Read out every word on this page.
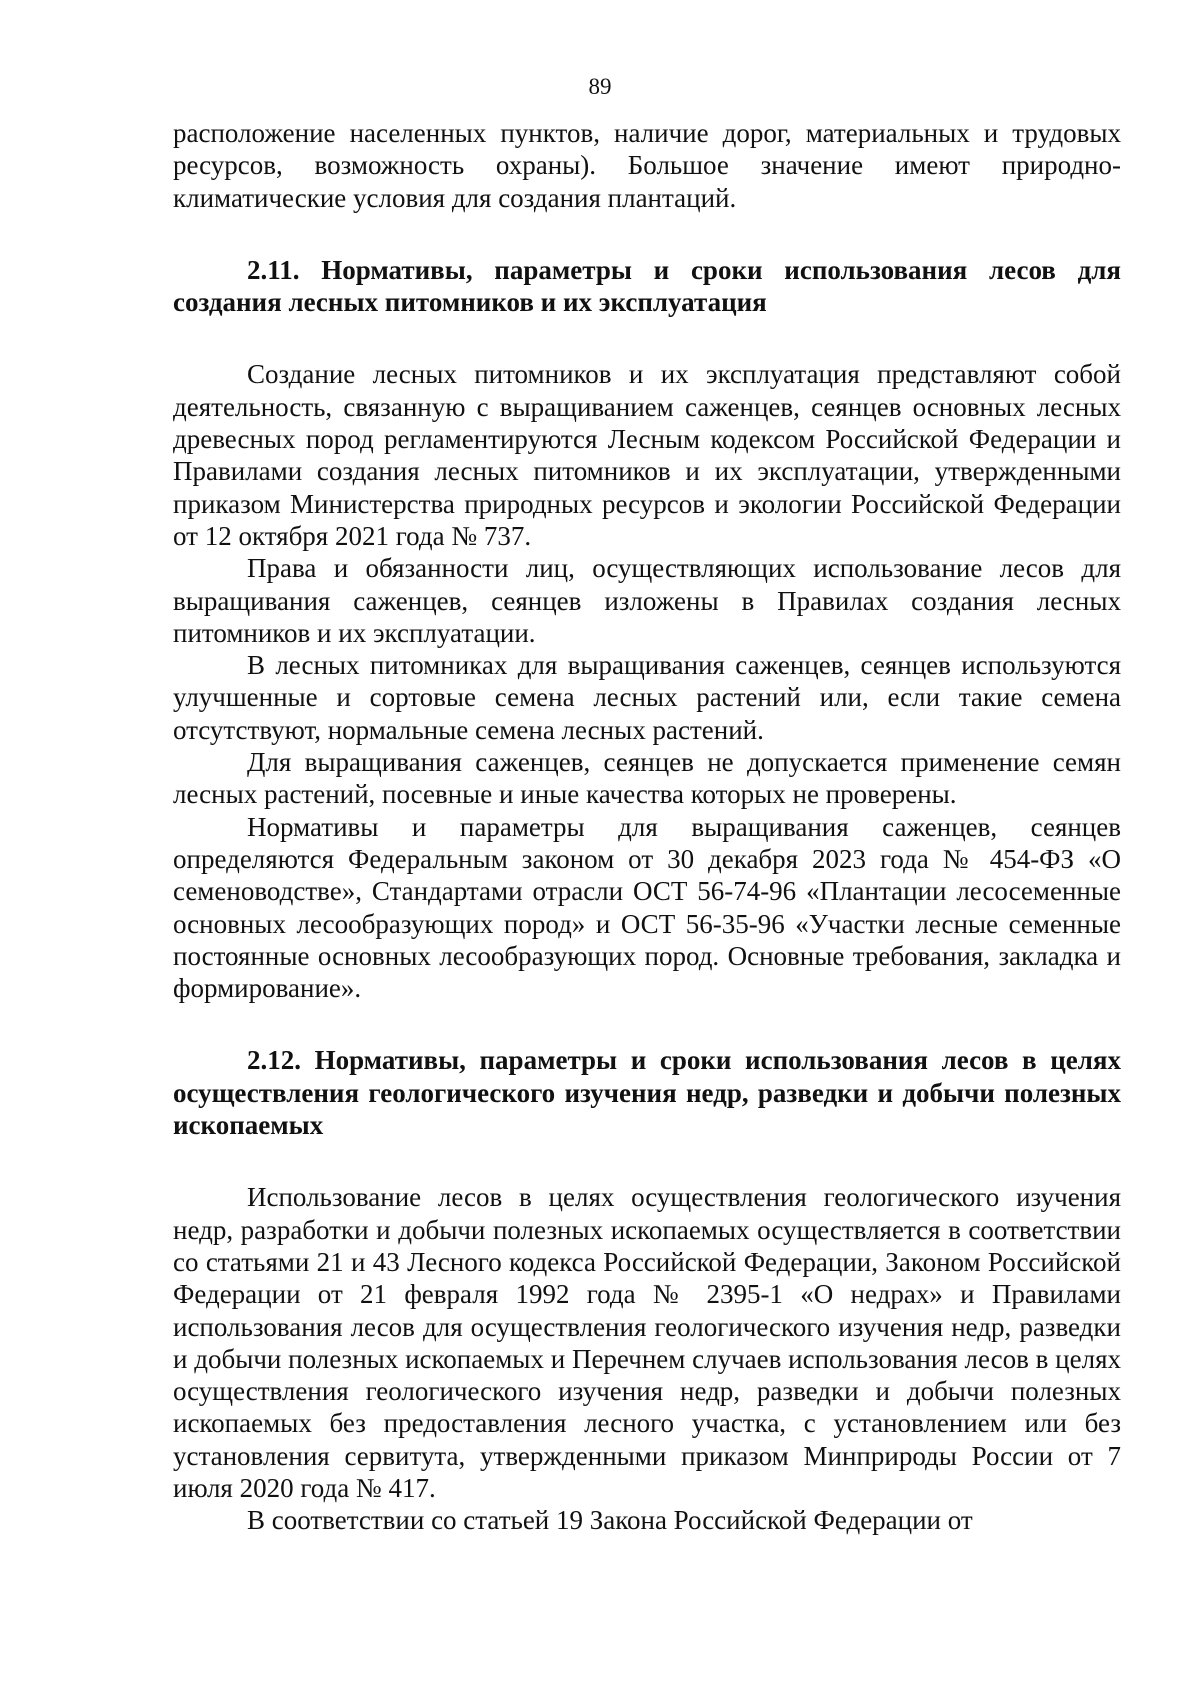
89

расположение населенных пунктов, наличие дорог, материальных и трудовых ресурсов, возможность охраны). Большое значение имеют природно-климатические условия для создания плантаций.

2.11. Нормативы, параметры и сроки использования лесов для создания лесных питомников и их эксплуатация

Создание лесных питомников и их эксплуатация представляют собой деятельность, связанную с выращиванием саженцев, сеянцев основных лесных древесных пород регламентируются Лесным кодексом Российской Федерации и Правилами создания лесных питомников и их эксплуатации, утвержденными приказом Министерства природных ресурсов и экологии Российской Федерации от 12 октября 2021 года № 737.

Права и обязанности лиц, осуществляющих использование лесов для выращивания саженцев, сеянцев изложены в Правилах создания лесных питомников и их эксплуатации.

В лесных питомниках для выращивания саженцев, сеянцев используются улучшенные и сортовые семена лесных растений или, если такие семена отсутствуют, нормальные семена лесных растений.

Для выращивания саженцев, сеянцев не допускается применение семян лесных растений, посевные и иные качества которых не проверены.

Нормативы и параметры для выращивания саженцев, сеянцев определяются Федеральным законом от 30 декабря 2023 года № 454-ФЗ «О семеноводстве», Стандартами отрасли ОСТ 56-74-96 «Плантации лесосеменные основных лесообразующих пород» и ОСТ 56-35-96 «Участки лесные семенные постоянные основных лесообразующих пород. Основные требования, закладка и формирование».

2.12. Нормативы, параметры и сроки использования лесов в целях осуществления геологического изучения недр, разведки и добычи полезных ископаемых

Использование лесов в целях осуществления геологического изучения недр, разработки и добычи полезных ископаемых осуществляется в соответствии со статьями 21 и 43 Лесного кодекса Российской Федерации, Законом Российской Федерации от 21 февраля 1992 года № 2395-1 «О недрах» и Правилами использования лесов для осуществления геологического изучения недр, разведки и добычи полезных ископаемых и Перечнем случаев использования лесов в целях осуществления геологического изучения недр, разведки и добычи полезных ископаемых без предоставления лесного участка, с установлением или без установления сервитута, утвержденными приказом Минприроды России от 7 июля 2020 года № 417.

В соответствии со статьей 19 Закона Российской Федерации от
